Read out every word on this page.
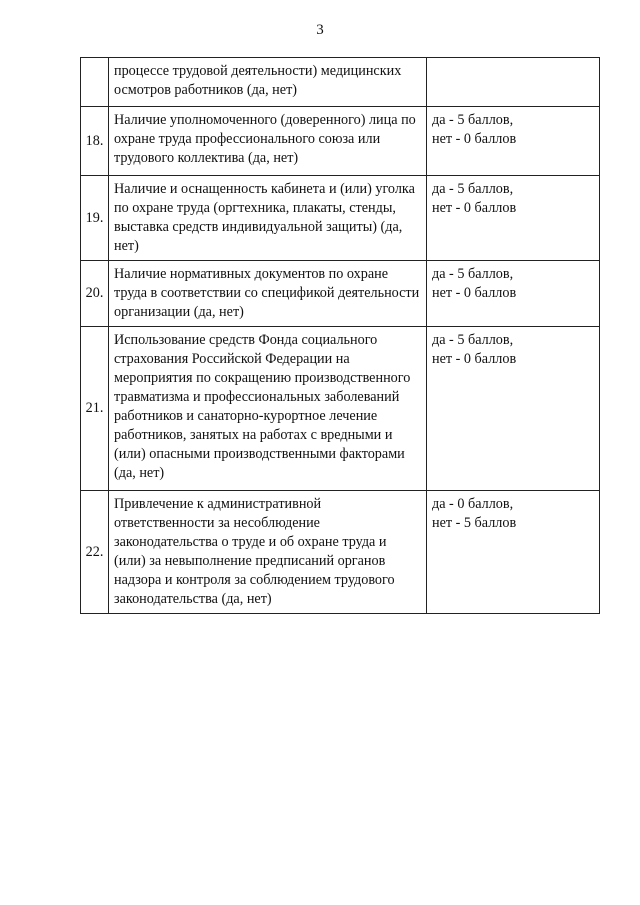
3
	процессе трудовой деятельности) медицинских осмотров работников (да, нет)	
18.	Наличие уполномоченного (доверенного) лица по охране труда профессионального союза или трудового коллектива (да, нет)	да - 5 баллов,
нет - 0 баллов
19.	Наличие и оснащенность кабинета и (или) уголка по охране труда (оргтехника, плакаты, стенды, выставка средств индивидуальной защиты) (да, нет)	да - 5 баллов,
нет - 0 баллов
20.	Наличие нормативных документов по охране труда в соответствии со спецификой деятельности организации (да, нет)	да - 5 баллов,
нет - 0 баллов
21.	Использование средств Фонда социального страхования Российской Федерации на мероприятия по сокращению производственного травматизма и профессиональных заболеваний работников и санаторно-курортное лечение работников, занятых на работах с вредными и (или) опасными производственными факторами (да, нет)	да - 5 баллов,
нет - 0 баллов
22.	Привлечение к административной ответственности за несоблюдение законодательства о труде и об охране труда и (или) за невыполнение предписаний органов надзора и контроля за соблюдением трудового законодательства (да, нет)	да - 0 баллов,
нет - 5 баллов
